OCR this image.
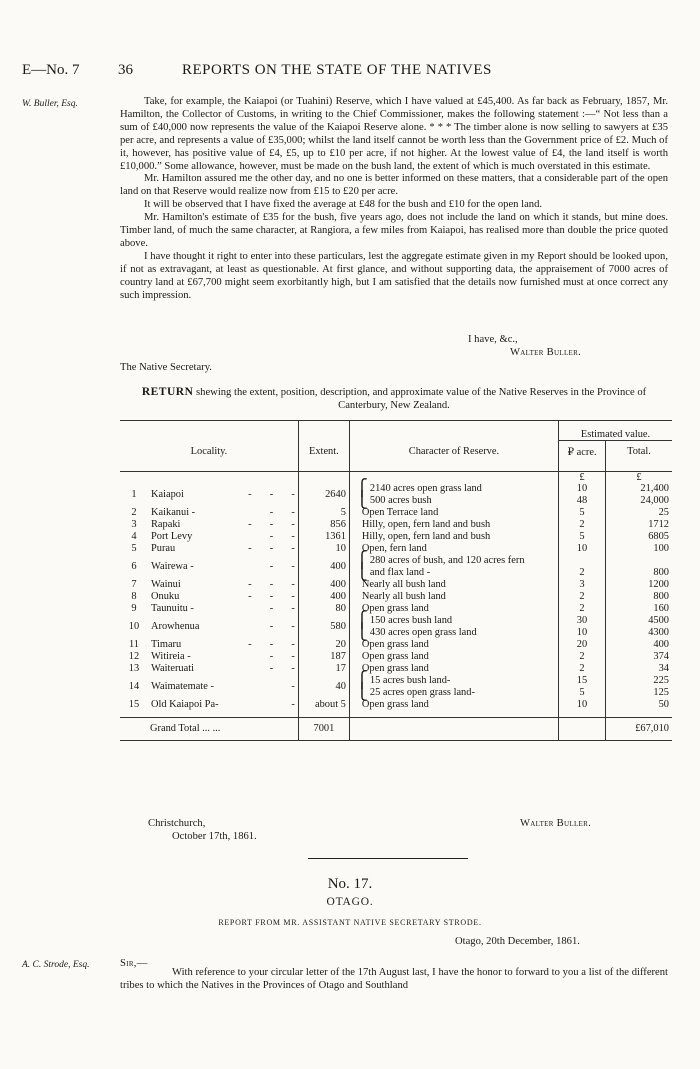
E—No. 7	36	REPORTS ON THE STATE OF THE NATIVES
W. Buller, Esq.	Take, for example, the Kaiapoi (or Tuahini) Reserve, which I have valued at £45,400. As far back as February, 1857, Mr. Hamilton, the Collector of Customs, in writing to the Chief Commissioner, makes the following statement :—“ Not less than a sum of £40,000 now represents the value of the Kaiapoi Reserve alone. * * * The timber alone is now selling to sawyers at £35 per acre, and represents a value of £35,000; whilst the land itself cannot be worth less than the Government price of £2. Much of it, however, has positive value of £4, £5, up to £10 per acre, if not higher. At the lowest value of £4, the land itself is worth £10,000.” Some allowance, however, must be made on the bush land, the extent of which is much overstated in this estimate.

Mr. Hamilton assured me the other day, and no one is better informed on these matters, that a considerable part of the open land on that Reserve would realize now from £15 to £20 per acre.

It will be observed that I have fixed the average at £48 for the bush and £10 for the open land.

Mr. Hamilton's estimate of £35 for the bush, five years ago, does not include the land on which it stands, but mine does. Timber land, of much the same character, at Rangiora, a few miles from Kaiapoi, has realised more than double the price quoted above.

I have thought it right to enter into these particulars, lest the aggregate estimate given in my Report should be looked upon, if not as extravagant, at least as questionable. At first glance, and without supporting data, the appraisement of 7000 acres of country land at £67,700 might seem exorbitantly high, but I am satisfied that the details now furnished must at once correct any such impression.

I have, &c.,
Walter Buller.
The Native Secretary.
RETURN shewing the extent, position, description, and approximate value of the Native Reserves in the Province of Canterbury, New Zealand.
				Estimated value.	
Locality.		Extent.	Character of Reserve.	₽ acre.	Total.

				£	£
1	Kaiapoi -       -       -	2640	⎧ 2140 acres open grass land	10	21,400
			⎩ 500 acres bush	48	24,000
2	Kaikanui - -       -	5	Open Terrace land	5	25
3	Rapaki -       -       -	856	Hilly, open, fern land and bush	2	1712
4	Port Levy -       -	1361	Hilly, open, fern land and bush	5	6805
5	Purau -       -       -	10	Open, fern land	10	100
6	Wairewa - -       -	400	⎧ 280 acres of bush, and 120 acres fern		
			⎩ and flax land -	2	800
7	Wainui -       -       -	400	Nearly all bush land	3	1200
8	Onuku -       -       -	400	Nearly all bush land	2	800
9	Taunuitu - -       -	80	Open grass land	2	160
10	Arowhenua -       -	580	⎧ 150 acres bush land	30	4500
			⎩ 430 acres open grass land	10	4300
11	Timaru -       -       -	20	Open grass land	20	400
12	Witireia - -       -	187	Open grass land	2	374
13	Waiteruati -       -	17	Open grass land	2	34
14	Waimatemate - -	40	⎧ 15 acres bush land-	15	225
			⎩ 25 acres open grass land-	5	125
15	Old Kaiapoi Pa- -	about 5	Open grass land	10	50

Grand Total ... ...		7001			£67,010

Christchurch,
October 17th, 1861.
Walter Buller.
No. 17.
OTAGO.
REPORT FROM MR. ASSISTANT NATIVE SECRETARY STRODE.
Otago, 20th December, 1861.
A. C. Strode, Esq.	Sir,—

With reference to your circular letter of the 17th August last, I have the honor to forward to you a list of the different tribes to which the Natives in the Provinces of Otago and Southland
